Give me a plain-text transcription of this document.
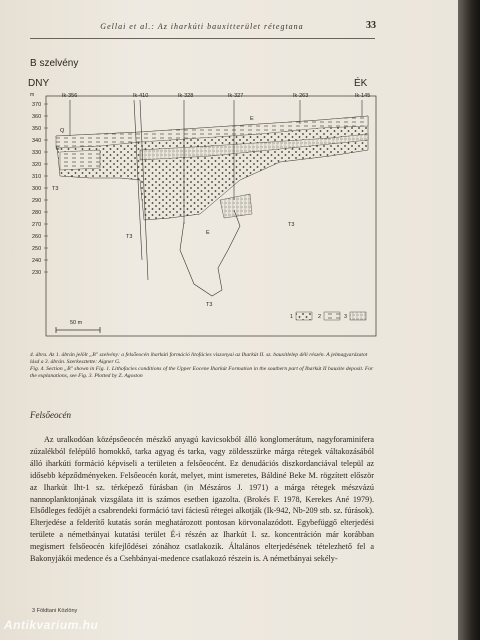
Gellai et al.: Az iharkúti bauxitterület rétegtana	33
B szelvény
DNY	ÉK
m
370
360
350
340
330
320
310
300
290
280
270
260
250
240
230
Ik-356	Ik-410	Ik-328	Ik-327	Ik-263	Ik-145
Q
E
E
T3
T3
T3
E
T3
50 m
1	2	3
4. ábra. Az 1. ábrán jelölt „B" szelvény: a felsőeocén iharkúti formáció litofácies viszonyai az Iharkút II. sz. bauxitlelep déli részén. A jelmagyarázatot lásd a 3. ábrán. Szerkesztette: Aigner G.
Fig. 4. Section „B" shown in Fig. 1. Lithofacies conditions of the Upper Eocene Iharkút Formation in the southern part of Iharkút II bauxite deposit. For the explanations, see Fig. 3. Plotted by Z. Agoston
Felsőeocén

Az uralkodóan középsőeocén mészkő anyagú kavicsokból álló konglomerátum, nagyforaminifera zúzalékból felépülő homokkő, tarka agyag és tarka, vagy zöldesszürke márga rétegek váltakozásából álló iharkúti formáció képviseli a területen a felsőeocént. Ez denudációs diszkordanciával települ az idősebb képződményeken. Felsőeocén korát, melyet, mint ismeretes, Báldiné Beke M. rögzített először az Iharkút Iht-1 sz. térképező fúrásban (in Mészáros J. 1971) a márga rétegek mészvázú nannoplanktonjának vizsgálata itt is számos esetben igazolta. (Brokés F. 1978, Kerekes Ané 1979). Elsődleges fedőjét a csabrendeki formáció tavi fáciesű rétegei alkotják (Ik-942, Nb-209 stb. sz. fúrások). Elterjedése a felderítő kutatás során meghatározott pontosan körvonalazódott. Egybefüggő elterjedési területe a németbányai kutatási terület É-i részén az Iharkút I. sz. koncentráción már korábban megismert felsőeocén kifejlődései zónához csatlakozik. Általános elterjedésének tételezhető fel a Bakonyjákói medence és a Csehbányai-medence csatlakozó részein is. A németbányai sekély-

3 Földtani Közlöny
Antikvarium.hu
